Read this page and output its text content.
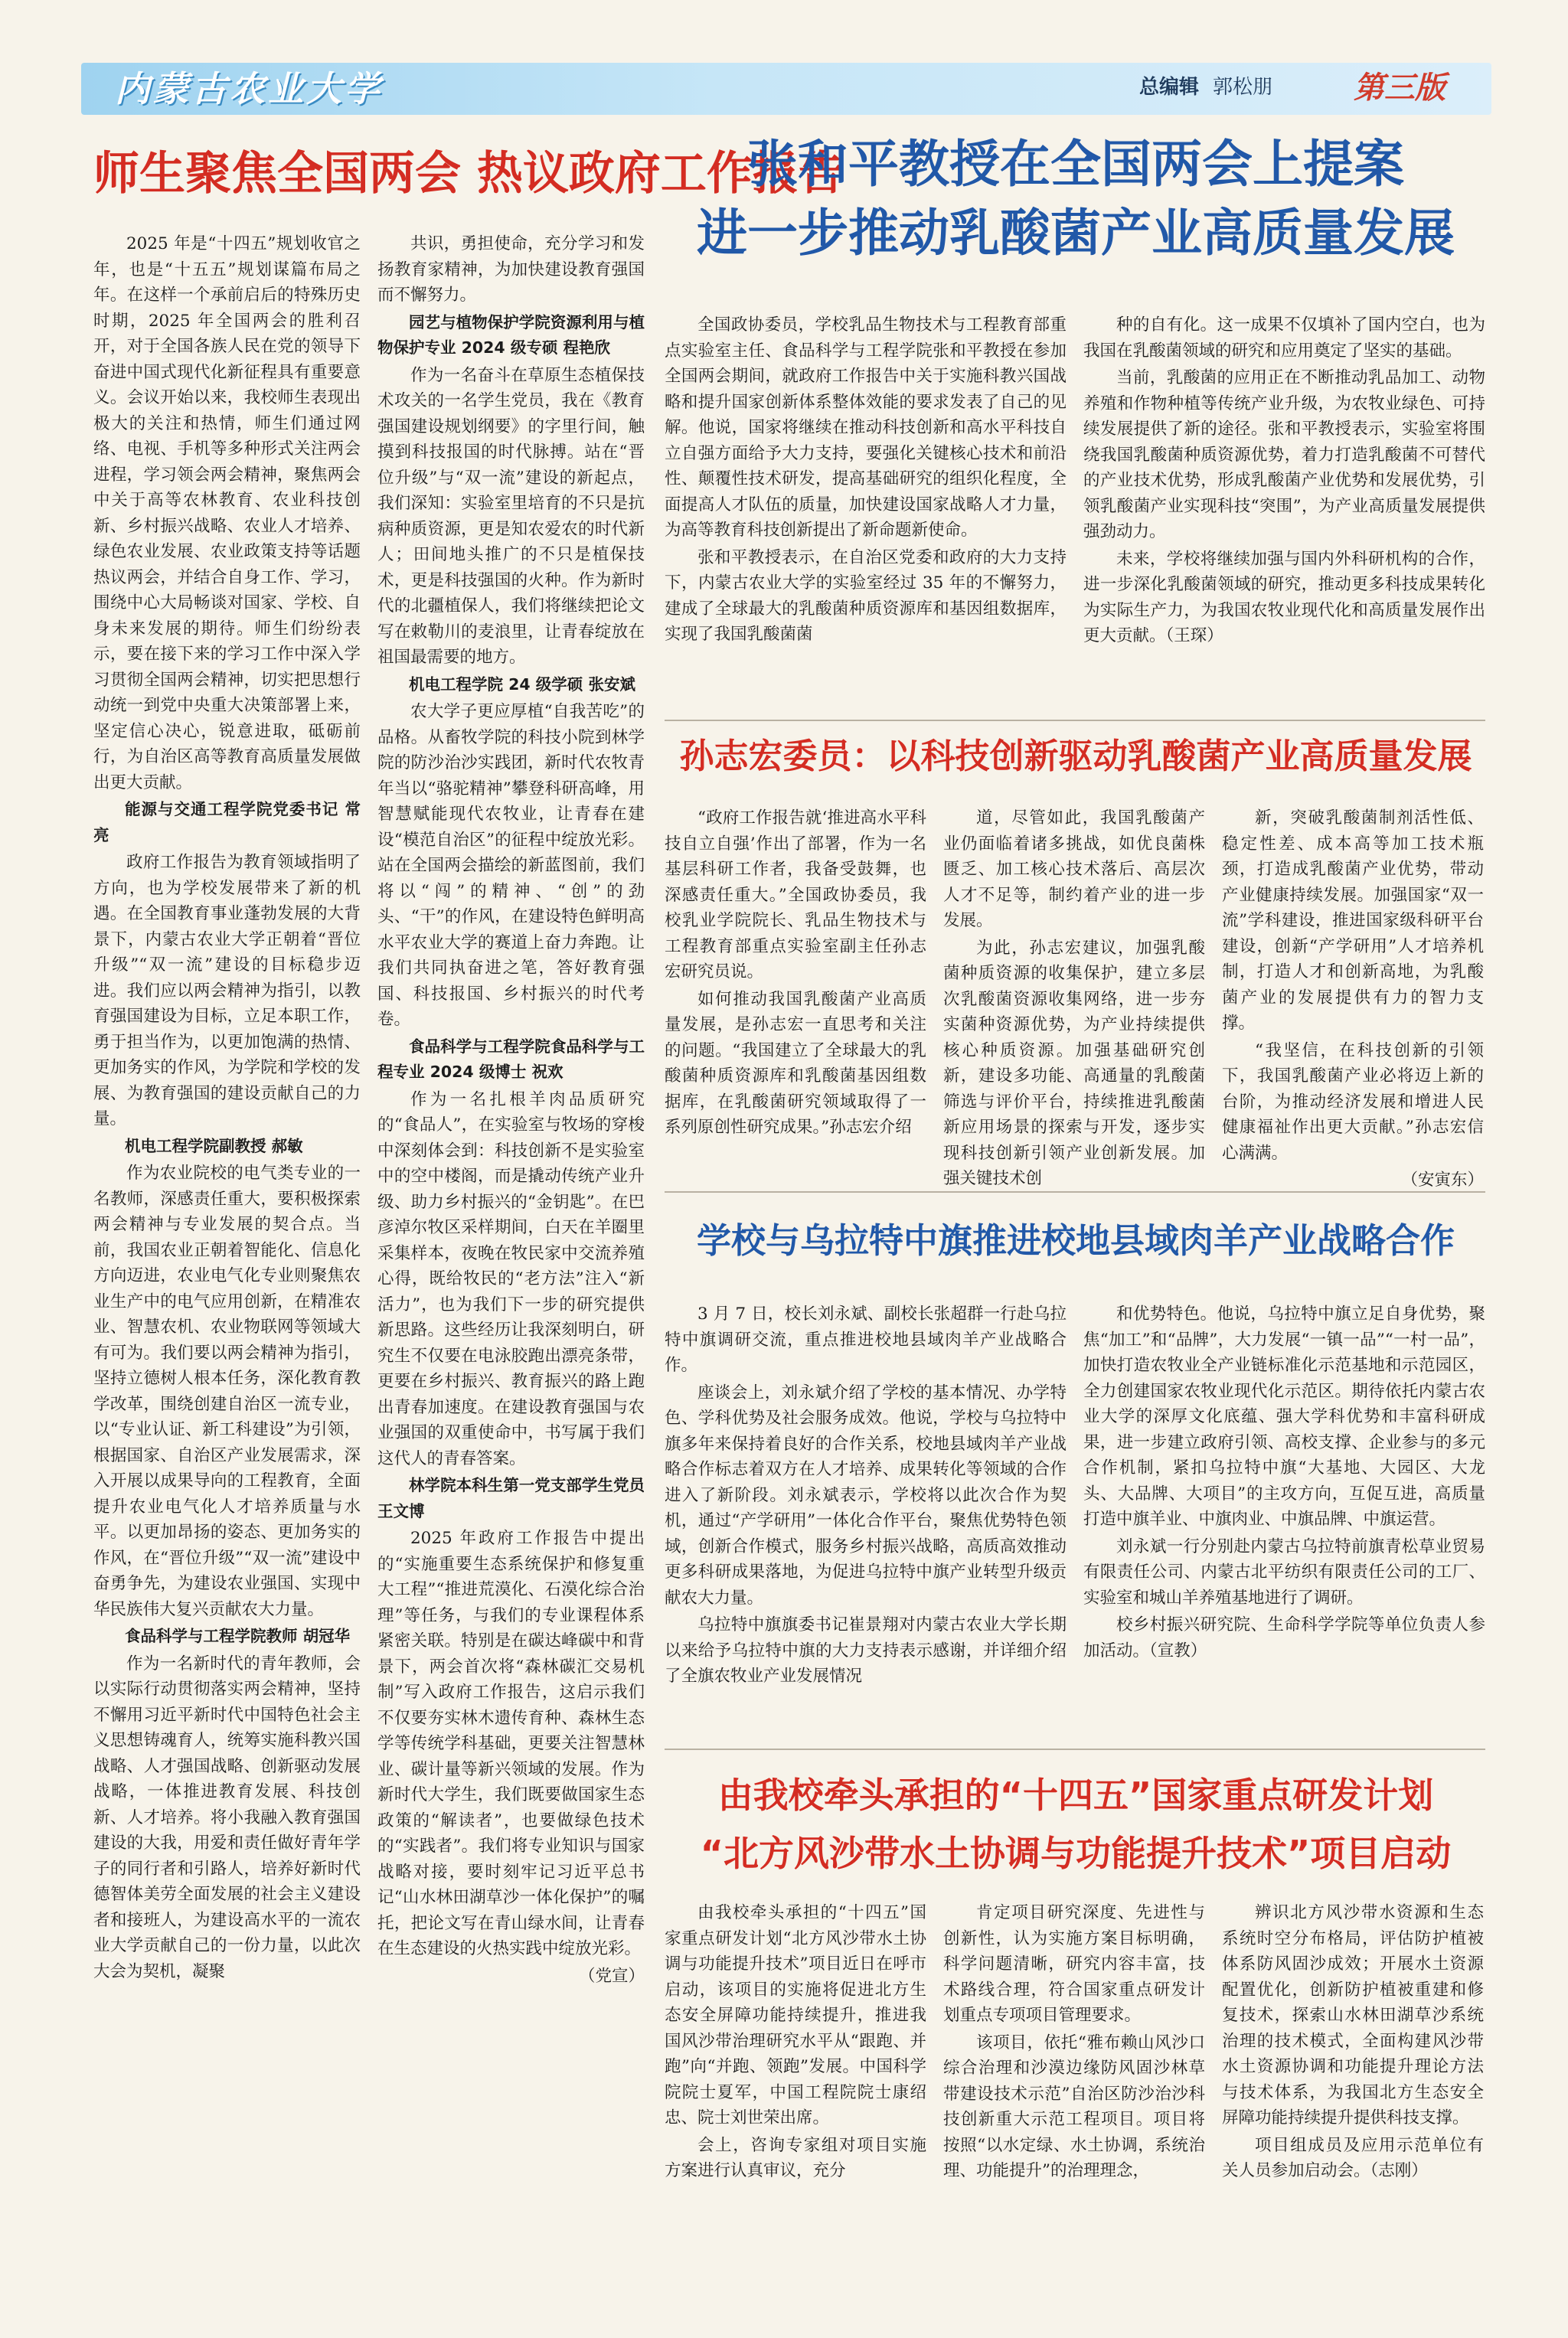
内蒙古农业大学	总编辑 郭松朋	第三版
师生聚焦全国两会 热议政府工作报告

2025 年是“十四五”规划收官之年，也是“十五五”规划谋篇布局之年。在这样一个承前启后的特殊历史时期，2025 年全国两会的胜利召开，对于全国各族人民在党的领导下奋进中国式现代化新征程具有重要意义。会议开始以来，我校师生表现出极大的关注和热情，师生们通过网络、电视、手机等多种形式关注两会进程，学习领会两会精神，聚焦两会中关于高等农林教育、农业科技创新、乡村振兴战略、农业人才培养、绿色农业发展、农业政策支持等话题热议两会，并结合自身工作、学习，围绕中心大局畅谈对国家、学校、自身未来发展的期待。师生们纷纷表示，要在接下来的学习工作中深入学习贯彻全国两会精神，切实把思想行动统一到党中央重大决策部署上来，坚定信心决心，锐意进取，砥砺前行，为自治区高等教育高质量发展做出更大贡献。

能源与交通工程学院党委书记 常亮

政府工作报告为教育领域指明了方向，也为学校发展带来了新的机遇。在全国教育事业蓬勃发展的大背景下，内蒙古农业大学正朝着“晋位升级”“双一流”建设的目标稳步迈进。我们应以两会精神为指引，以教育强国建设为目标，立足本职工作，勇于担当作为，以更加饱满的热情、更加务实的作风，为学院和学校的发展、为教育强国的建设贡献自己的力量。

机电工程学院副教授 郝敏

作为农业院校的电气类专业的一名教师，深感责任重大，要积极探索两会精神与专业发展的契合点。当前，我国农业正朝着智能化、信息化方向迈进，农业电气化专业则聚焦农业生产中的电气应用创新，在精准农业、智慧农机、农业物联网等领域大有可为。我们要以两会精神为指引，坚持立德树人根本任务，深化教育教学改革，围绕创建自治区一流专业，以“专业认证、新工科建设”为引领，根据国家、自治区产业发展需求，深入开展以成果导向的工程教育，全面提升农业电气化人才培养质量与水平。以更加昂扬的姿态、更加务实的作风，在“晋位升级”“双一流”建设中奋勇争先，为建设农业强国、实现中华民族伟大复兴贡献农大力量。

食品科学与工程学院教师 胡冠华

作为一名新时代的青年教师，会以实际行动贯彻落实两会精神，坚持不懈用习近平新时代中国特色社会主义思想铸魂育人，统筹实施科教兴国战略、人才强国战略、创新驱动发展战略，一体推进教育发展、科技创新、人才培养。将小我融入教育强国建设的大我，用爱和责任做好青年学子的同行者和引路人，培养好新时代德智体美劳全面发展的社会主义建设者和接班人，为建设高水平的一流农业大学贡献自己的一份力量，以此次大会为契机，凝聚

共识，勇担使命，充分学习和发扬教育家精神，为加快建设教育强国而不懈努力。

园艺与植物保护学院资源利用与植物保护专业 2024 级专硕 程艳欣

作为一名奋斗在草原生态植保技术攻关的一名学生党员，我在《教育强国建设规划纲要》的字里行间，触摸到科技报国的时代脉搏。站在“晋位升级”与“双一流”建设的新起点，我们深知：实验室里培育的不只是抗病种质资源，更是知农爱农的时代新人；田间地头推广的不只是植保技术，更是科技强国的火种。作为新时代的北疆植保人，我们将继续把论文写在敕勒川的麦浪里，让青春绽放在祖国最需要的地方。

机电工程学院 24 级学硕 张安斌

农大学子更应厚植“自我苦吃”的品格。从畜牧学院的科技小院到林学院的防沙治沙实践团，新时代农牧青年当以“骆驼精神”攀登科研高峰，用智慧赋能现代农牧业，让青春在建设“模范自治区”的征程中绽放光彩。站在全国两会描绘的新蓝图前，我们将以“闯”的精神、“创”的劲头、“干”的作风，在建设特色鲜明高水平农业大学的赛道上奋力奔跑。让我们共同执奋进之笔，答好教育强国、科技报国、乡村振兴的时代考卷。

食品科学与工程学院食品科学与工程专业 2024 级博士 祝欢

作为一名扎根羊肉品质研究的“食品人”，在实验室与牧场的穿梭中深刻体会到：科技创新不是实验室中的空中楼阁，而是撬动传统产业升级、助力乡村振兴的“金钥匙”。在巴彦淖尔牧区采样期间，白天在羊圈里采集样本，夜晚在牧民家中交流养殖心得，既给牧民的“老方法”注入“新活力”，也为我们下一步的研究提供新思路。这些经历让我深刻明白，研究生不仅要在电泳胶跑出漂亮条带，更要在乡村振兴、教育振兴的路上跑出青春加速度。在建设教育强国与农业强国的双重使命中，书写属于我们这代人的青春答案。

林学院本科生第一党支部学生党员 王文博

2025 年政府工作报告中提出的“实施重要生态系统保护和修复重大工程”“推进荒漠化、石漠化综合治理”等任务，与我们的专业课程体系紧密关联。特别是在碳达峰碳中和背景下，两会首次将“森林碳汇交易机制”写入政府工作报告，这启示我们不仅要夯实林木遗传育种、森林生态学等传统学科基础，更要关注智慧林业、碳计量等新兴领域的发展。作为新时代大学生，我们既要做国家生态政策的“解读者”，也要做绿色技术的“实践者”。我们将专业知识与国家战略对接，要时刻牢记习近平总书记“山水林田湖草沙一体化保护”的嘱托，把论文写在青山绿水间，让青春在生态建设的火热实践中绽放光彩。

（党宣）

张和平教授在全国两会上提案
进一步推动乳酸菌产业高质量发展

全国政协委员，学校乳品生物技术与工程教育部重点实验室主任、食品科学与工程学院张和平教授在参加全国两会期间，就政府工作报告中关于实施科教兴国战略和提升国家创新体系整体效能的要求发表了自己的见解。他说，国家将继续在推动科技创新和高水平科技自立自强方面给予大力支持，要强化关键核心技术和前沿性、颠覆性技术研发，提高基础研究的组织化程度，全面提高人才队伍的质量，加快建设国家战略人才力量，为高等教育科技创新提出了新命题新使命。

张和平教授表示，在自治区党委和政府的大力支持下，内蒙古农业大学的实验室经过 35 年的不懈努力，建成了全球最大的乳酸菌种质资源库和基因组数据库，实现了我国乳酸菌菌

种的自有化。这一成果不仅填补了国内空白，也为我国在乳酸菌领域的研究和应用奠定了坚实的基础。

当前，乳酸菌的应用正在不断推动乳品加工、动物养殖和作物种植等传统产业升级，为农牧业绿色、可持续发展提供了新的途径。张和平教授表示，实验室将围绕我国乳酸菌种质资源优势，着力打造乳酸菌不可替代的产业技术优势，形成乳酸菌产业优势和发展优势，引领乳酸菌产业实现科技“突围”，为产业高质量发展提供强劲动力。

未来，学校将继续加强与国内外科研机构的合作，进一步深化乳酸菌领域的研究，推动更多科技成果转化为实际生产力，为我国农牧业现代化和高质量发展作出更大贡献。（王琛）

孙志宏委员：以科技创新驱动乳酸菌产业高质量发展

“政府工作报告就‘推进高水平科技自立自强’作出了部署，作为一名基层科研工作者，我备受鼓舞，也深感责任重大。”全国政协委员，我校乳业学院院长、乳品生物技术与工程教育部重点实验室副主任孙志宏研究员说。

如何推动我国乳酸菌产业高质量发展，是孙志宏一直思考和关注的问题。“我国建立了全球最大的乳酸菌种质资源库和乳酸菌基因组数据库，在乳酸菌研究领域取得了一系列原创性研究成果。”孙志宏介绍

道，尽管如此，我国乳酸菌产业仍面临着诸多挑战，如优良菌株匮乏、加工核心技术落后、高层次人才不足等，制约着产业的进一步发展。

为此，孙志宏建议，加强乳酸菌种质资源的收集保护，建立多层次乳酸菌资源收集网络，进一步夯实菌种资源优势，为产业持续提供核心种质资源。加强基础研究创新，建设多功能、高通量的乳酸菌筛选与评价平台，持续推进乳酸菌新应用场景的探索与开发，逐步实现科技创新引领产业创新发展。加强关键技术创

新，突破乳酸菌制剂活性低、稳定性差、成本高等加工技术瓶颈，打造成乳酸菌产业优势，带动产业健康持续发展。加强国家“双一流”学科建设，推进国家级科研平台建设，创新“产学研用”人才培养机制，打造人才和创新高地，为乳酸菌产业的发展提供有力的智力支撑。

“我坚信，在科技创新的引领下，我国乳酸菌产业必将迈上新的台阶，为推动经济发展和增进人民健康福祉作出更大贡献。”孙志宏信心满满。

（安寅东）

学校与乌拉特中旗推进校地县域肉羊产业战略合作

3 月 7 日，校长刘永斌、副校长张超群一行赴乌拉特中旗调研交流，重点推进校地县域肉羊产业战略合作。

座谈会上，刘永斌介绍了学校的基本情况、办学特色、学科优势及社会服务成效。他说，学校与乌拉特中旗多年来保持着良好的合作关系，校地县域肉羊产业战略合作标志着双方在人才培养、成果转化等领域的合作进入了新阶段。刘永斌表示，学校将以此次合作为契机，通过“产学研用”一体化合作平台，聚焦优势特色领域，创新合作模式，服务乡村振兴战略，高质高效推动更多科研成果落地，为促进乌拉特中旗产业转型升级贡献农大力量。

乌拉特中旗旗委书记崔景翔对内蒙古农业大学长期以来给予乌拉特中旗的大力支持表示感谢，并详细介绍了全旗农牧业产业发展情况

和优势特色。他说，乌拉特中旗立足自身优势，聚焦“加工”和“品牌”，大力发展“一镇一品”“一村一品”，加快打造农牧业全产业链标准化示范基地和示范园区，全力创建国家农牧业现代化示范区。期待依托内蒙古农业大学的深厚文化底蕴、强大学科优势和丰富科研成果，进一步建立政府引领、高校支撑、企业参与的多元合作机制，紧扣乌拉特中旗“大基地、大园区、大龙头、大品牌、大项目”的主攻方向，互促互进，高质量打造中旗羊业、中旗肉业、中旗品牌、中旗运营。

刘永斌一行分别赴内蒙古乌拉特前旗青松草业贸易有限责任公司、内蒙古北平纺织有限责任公司的工厂、实验室和城山羊养殖基地进行了调研。

校乡村振兴研究院、生命科学学院等单位负责人参加活动。（宣教）

由我校牵头承担的“十四五”国家重点研发计划
“北方风沙带水土协调与功能提升技术”项目启动

由我校牵头承担的“十四五”国家重点研发计划“北方风沙带水土协调与功能提升技术”项目近日在呼市启动，该项目的实施将促进北方生态安全屏障功能持续提升，推进我国风沙带治理研究水平从“跟跑、并跑”向“并跑、领跑”发展。中国科学院院士夏军，中国工程院院士康绍忠、院士刘世荣出席。

会上，咨询专家组对项目实施方案进行认真审议，充分

肯定项目研究深度、先进性与创新性，认为实施方案目标明确，科学问题清晰，研究内容丰富，技术路线合理，符合国家重点研发计划重点专项项目管理要求。

该项目，依托“雅布赖山风沙口综合治理和沙漠边缘防风固沙林草带建设技术示范”自治区防沙治沙科技创新重大示范工程项目。项目将按照“以水定绿、水土协调，系统治理、功能提升”的治理理念，

辨识北方风沙带水资源和生态系统时空分布格局，评估防护植被体系防风固沙成效；开展水土资源配置优化，创新防护植被重建和修复技术，探索山水林田湖草沙系统治理的技术模式，全面构建风沙带水土资源协调和功能提升理论方法与技术体系，为我国北方生态安全屏障功能持续提升提供科技支撑。

项目组成员及应用示范单位有关人员参加启动会。（志刚）
